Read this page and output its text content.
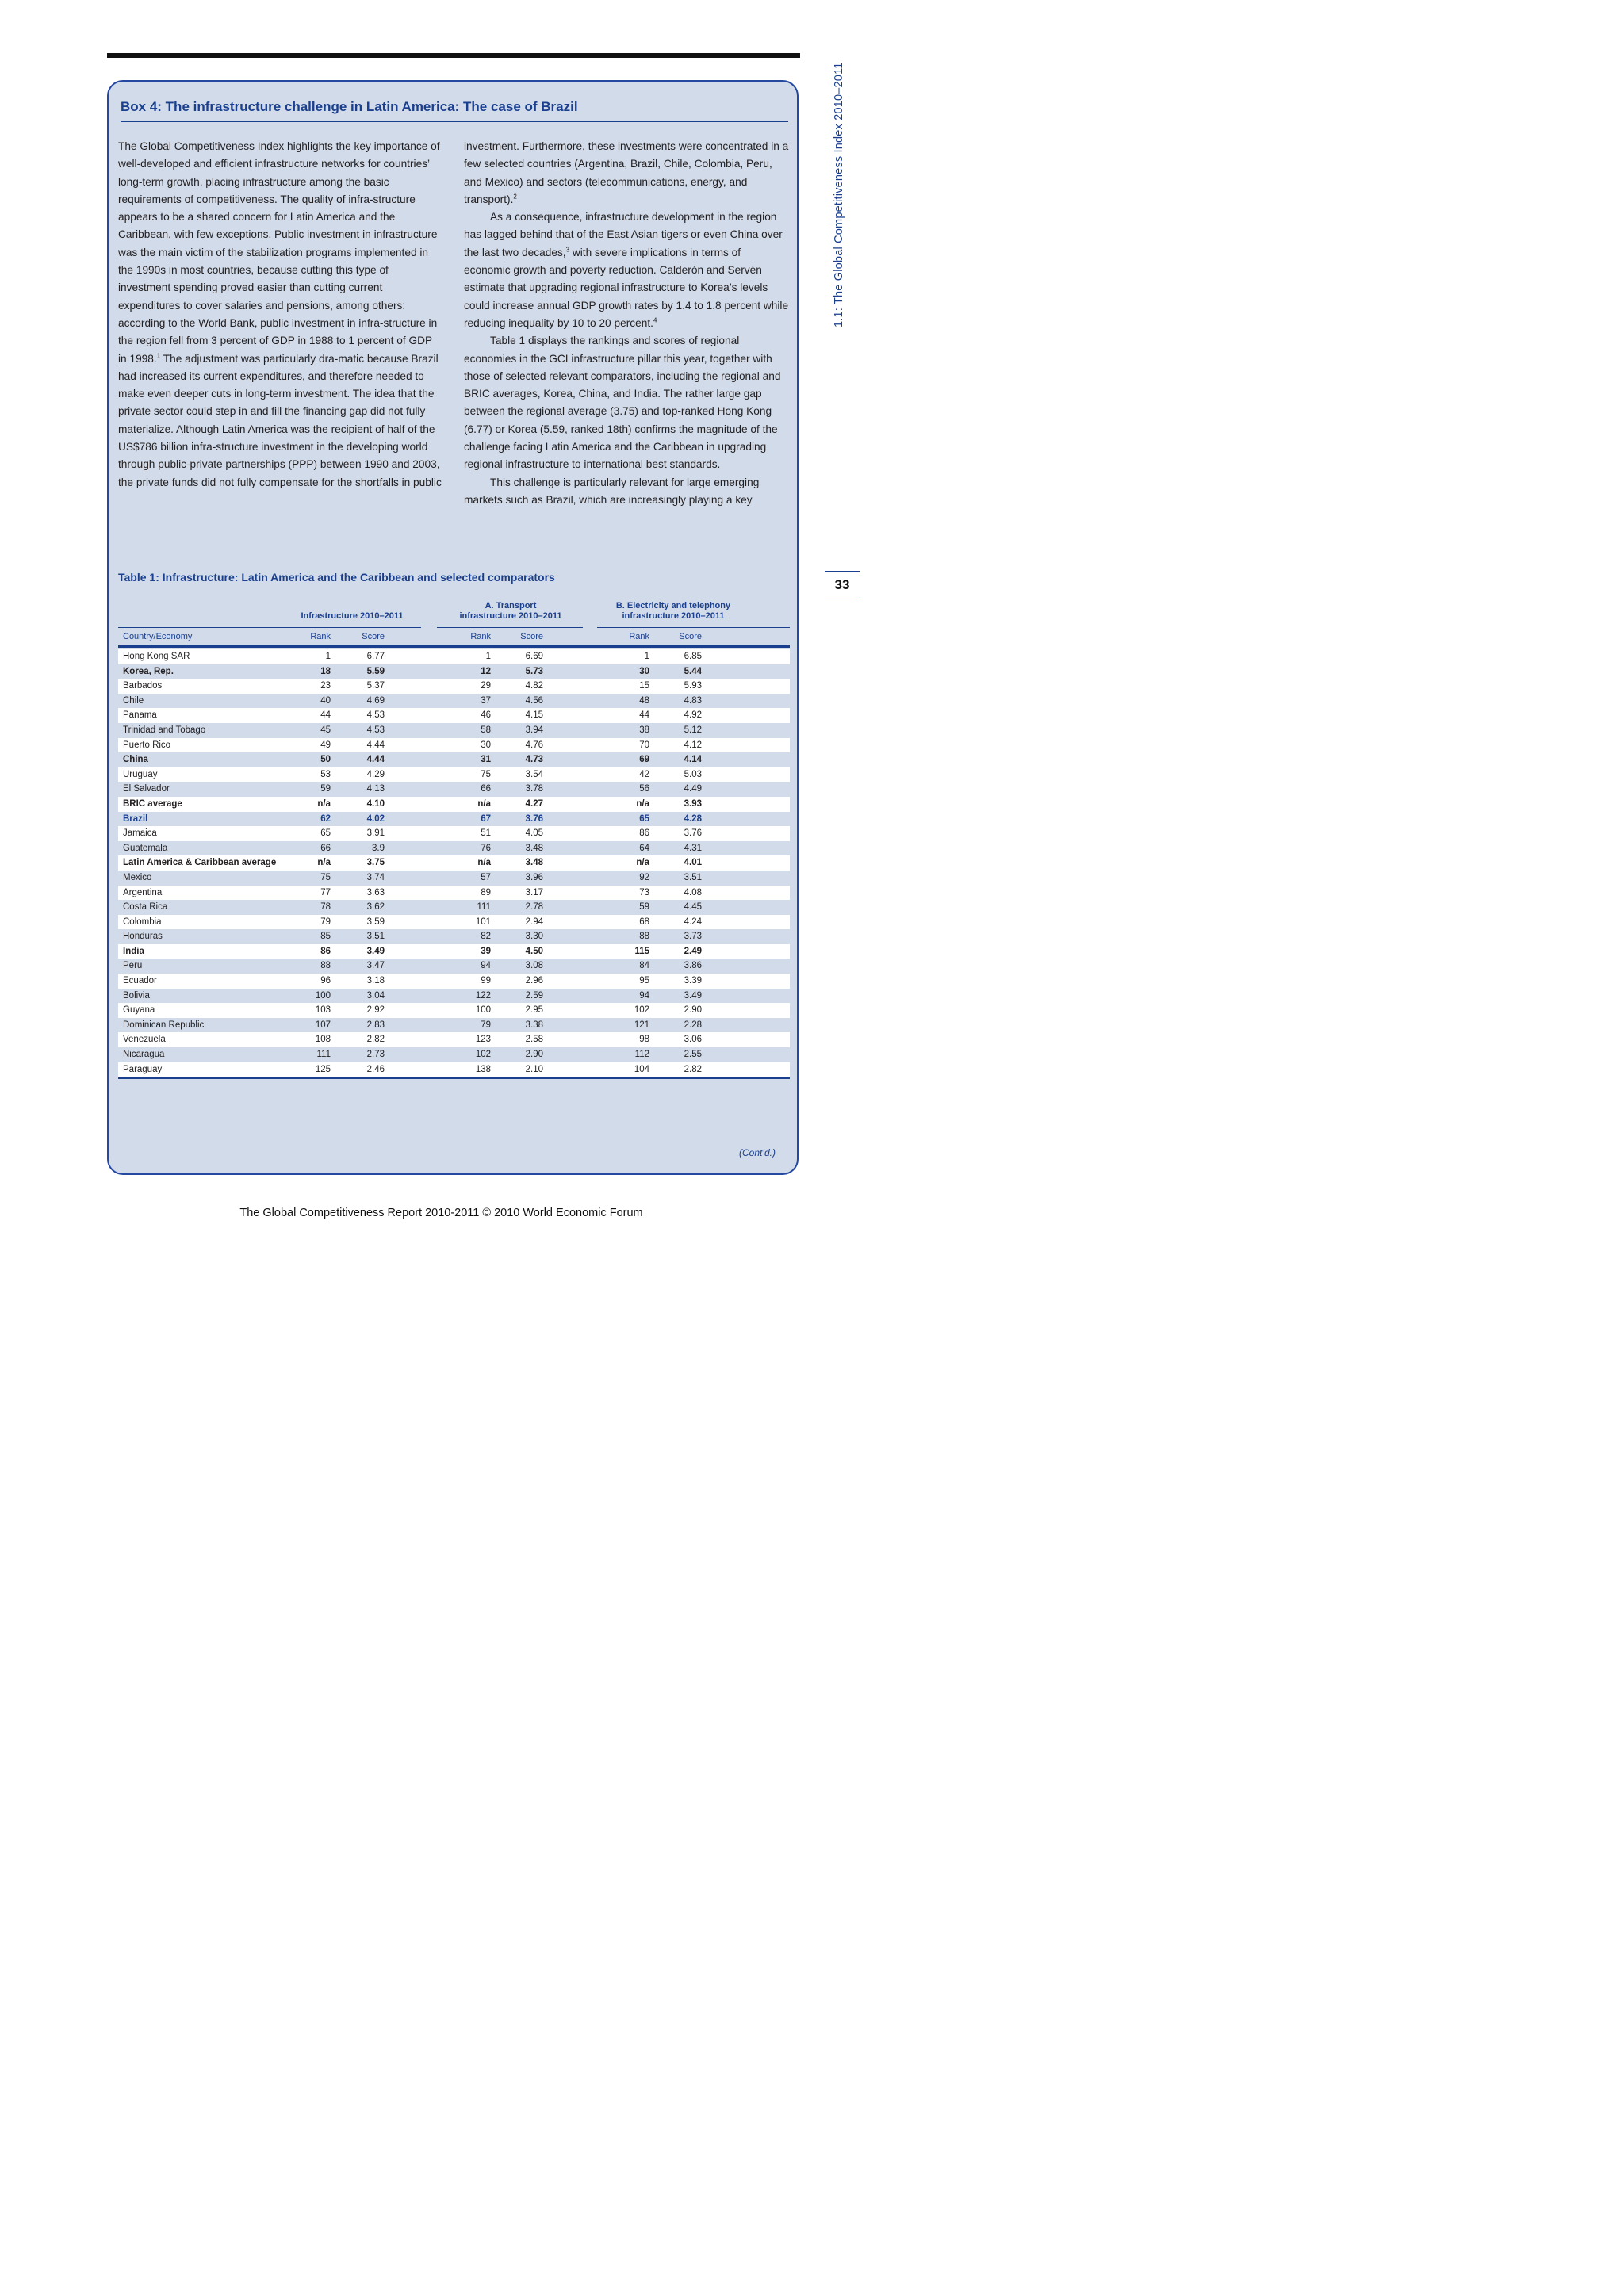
1.1: The Global Competitiveness Index 2010–2011
33
Box 4: The infrastructure challenge in Latin America: The case of Brazil

The Global Competitiveness Index highlights the key importance of well-developed and efficient infrastructure networks for countries’ long-term growth, placing infrastructure among the basic requirements of competitiveness. The quality of infra-structure appears to be a shared concern for Latin America and the Caribbean, with few exceptions. Public investment in infrastructure was the main victim of the stabilization programs implemented in the 1990s in most countries, because cutting this type of investment spending proved easier than cutting current expenditures to cover salaries and pensions, among others: according to the World Bank, public investment in infra-structure in the region fell from 3 percent of GDP in 1988 to 1 percent of GDP in 1998.$^1$ The adjustment was particularly dra-matic because Brazil had increased its current expenditures, and therefore needed to make even deeper cuts in long-term investment. The idea that the private sector could step in and fill the financing gap did not fully materialize. Although Latin America was the recipient of half of the US$786 billion infra-structure investment in the developing world through public-private partnerships (PPP) between 1990 and 2003, the private funds did not fully compensate for the shortfalls in public

investment. Furthermore, these investments were concentrated in a few selected countries (Argentina, Brazil, Chile, Colombia, Peru, and Mexico) and sectors (telecommunications, energy, and transport).$^2$

As a consequence, infrastructure development in the region has lagged behind that of the East Asian tigers or even China over the last two decades,$^3$ with severe implications in terms of economic growth and poverty reduction. Calderón and Servén estimate that upgrading regional infrastructure to Korea’s levels could increase annual GDP growth rates by 1.4 to 1.8 percent while reducing inequality by 10 to 20 percent.$^4$

Table 1 displays the rankings and scores of regional economies in the GCI infrastructure pillar this year, together with those of selected relevant comparators, including the regional and BRIC averages, Korea, China, and India. The rather large gap between the regional average (3.75) and top-ranked Hong Kong (6.77) or Korea (5.59, ranked 18th) confirms the magnitude of the challenge facing Latin America and the Caribbean in upgrading regional infrastructure to international best standards.

This challenge is particularly relevant for large emerging markets such as Brazil, which are increasingly playing a key

Table 1: Infrastructure: Latin America and the Caribbean and selected comparators
Infrastructure 2010–2011
A. Transport
infrastructure 2010–2011
B. Electricity and telephony
infrastructure 2010–2011
Country/Economy	Rank	Score	Rank	Score	Rank	Score
Hong Kong SAR	1	6.77	1	6.69	1	6.85
Korea, Rep.	18	5.59	12	5.73	30	5.44
Barbados	23	5.37	29	4.82	15	5.93
Chile	40	4.69	37	4.56	48	4.83
Panama	44	4.53	46	4.15	44	4.92
Trinidad and Tobago	45	4.53	58	3.94	38	5.12
Puerto Rico	49	4.44	30	4.76	70	4.12
China	50	4.44	31	4.73	69	4.14
Uruguay	53	4.29	75	3.54	42	5.03
El Salvador	59	4.13	66	3.78	56	4.49
BRIC average	n/a	4.10	n/a	4.27	n/a	3.93
Brazil	62	4.02	67	3.76	65	4.28
Jamaica	65	3.91	51	4.05	86	3.76
Guatemala	66	3.9	76	3.48	64	4.31
Latin America & Caribbean average	n/a	3.75	n/a	3.48	n/a	4.01
Mexico	75	3.74	57	3.96	92	3.51
Argentina	77	3.63	89	3.17	73	4.08
Costa Rica	78	3.62	111	2.78	59	4.45
Colombia	79	3.59	101	2.94	68	4.24
Honduras	85	3.51	82	3.30	88	3.73
India	86	3.49	39	4.50	115	2.49
Peru	88	3.47	94	3.08	84	3.86
Ecuador	96	3.18	99	2.96	95	3.39
Bolivia	100	3.04	122	2.59	94	3.49
Guyana	103	2.92	100	2.95	102	2.90
Dominican Republic	107	2.83	79	3.38	121	2.28
Venezuela	108	2.82	123	2.58	98	3.06
Nicaragua	111	2.73	102	2.90	112	2.55
Paraguay	125	2.46	138	2.10	104	2.82
(Cont’d.)
The Global Competitiveness Report 2010-2011 © 2010 World Economic Forum
